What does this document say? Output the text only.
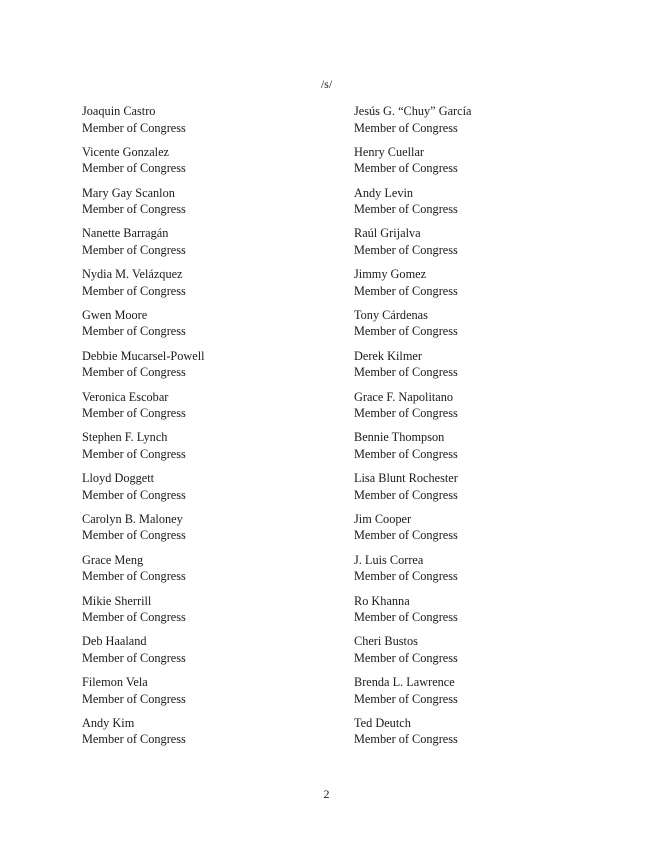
/s/
Joaquin Castro
Member of Congress
Vicente Gonzalez
Member of Congress
Mary Gay Scanlon
Member of Congress
Nanette Barragán
Member of Congress
Nydia M. Velázquez
Member of Congress
Gwen Moore
Member of Congress
Debbie Mucarsel-Powell
Member of Congress
Veronica Escobar
Member of Congress
Stephen F. Lynch
Member of Congress
Lloyd Doggett
Member of Congress
Carolyn B. Maloney
Member of Congress
Grace Meng
Member of Congress
Mikie Sherrill
Member of Congress
Deb Haaland
Member of Congress
Filemon Vela
Member of Congress
Andy Kim
Member of Congress
Jesús G. “Chuy” García
Member of Congress
Henry Cuellar
Member of Congress
Andy Levin
Member of Congress
Raúl Grijalva
Member of Congress
Jimmy Gomez
Member of Congress
Tony Cárdenas
Member of Congress
Derek Kilmer
Member of Congress
Grace F. Napolitano
Member of Congress
Bennie Thompson
Member of Congress
Lisa Blunt Rochester
Member of Congress
Jim Cooper
Member of Congress
J. Luis Correa
Member of Congress
Ro Khanna
Member of Congress
Cheri Bustos
Member of Congress
Brenda L. Lawrence
Member of Congress
Ted Deutch
Member of Congress
2
